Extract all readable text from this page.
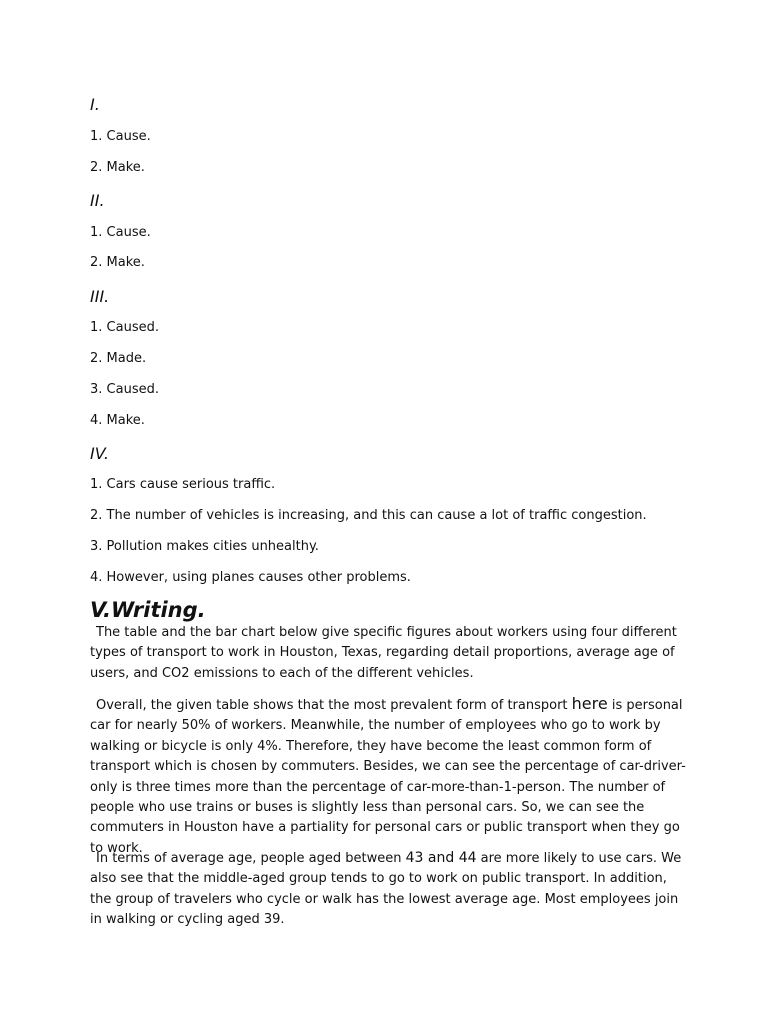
I.
1. Cause.
2. Make.
II.
1. Cause.
2. Make.
III.
1. Caused.
2. Made.
3. Caused.
4. Make.
IV.
1. Cars cause serious traffic.
2. The number of vehicles is increasing, and this can cause a lot of traffic congestion.
3. Pollution makes cities unhealthy.
4. However, using planes causes other problems.
V.Writing.

The table and the bar chart below give specific figures about workers using four different types of transport to work in Houston, Texas, regarding detail proportions, average age of users, and CO2 emissions to each of the different vehicles.

Overall, the given table shows that the most prevalent form of transport here is personal car for nearly 50% of workers. Meanwhile, the number of employees who go to work by walking or bicycle is only 4%. Therefore, they have become the least common form of transport which is chosen by commuters. Besides, we can see the percentage of car-driver-only is three times more than the percentage of car-more-than-1-person. The number of people who use trains or buses is slightly less than personal cars. So, we can see the commuters in Houston have a partiality for personal cars or public transport when they go to work.

In terms of average age, people aged between 43 and 44 are more likely to use cars. We also see that the middle-aged group tends to go to work on public transport. In addition, the group of travelers who cycle or walk has the lowest average age. Most employees join in walking or cycling aged 39.
